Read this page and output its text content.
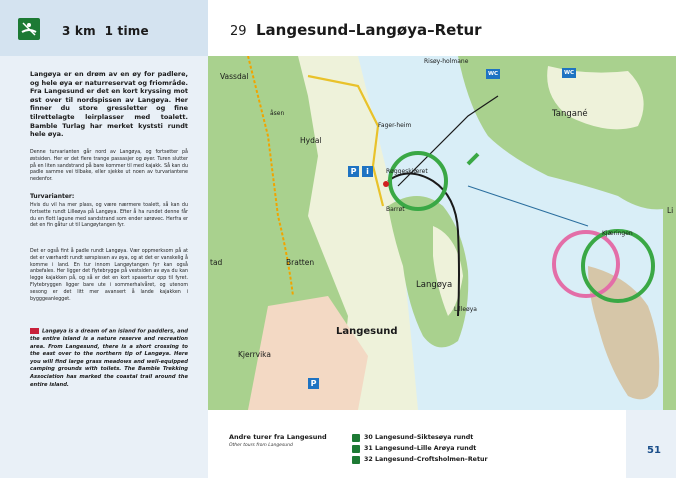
3 km 1 time
Langøya er en drøm av en øy for padlere, og hele øya er naturreservat og friområde. Fra Langesund er det en kort kryssing mot øst over til nordspissen av Langøya. Her finner du store gressletter og fine tilrettelagte leirplasser med toalett. Bamble Turlag har merket kyststi rundt hele øya.
Denne turvarianten går nord av Langøya, og fortsetter på østsiden. Her er det flere trange passasjer og øyer. Turen slutter på en liten sandstrand på bare kommer til med kajakk. Så kan du padle samme vei tilbake, eller sjekke ut noen av turvariantene nedenfor.
Turvarianter:
Hvis du vil ha mer plass, og være nærmere toalett, så kan du fortsette rundt Lilleøya på Langøya. Efter å ha rundet denne får du en flott lagune med sandstrand som ender sørøvec. Herfra er det en fin gåtur ut til Langøytangen fyr.
Det er også fint å padle rundt Langøya. Vær oppmerksom på at det er værhardt rundt sørspissen av øya, og at det er vanskelig å komme i land. En tur innom Langøytangen fyr kan også anbefales. Her ligger det flytebrygge på vestsiden av øya du kan legge kajakken på, og så er det en kort spasertur opp til fyret. Flytebryggen ligger bare ute i sommerhalvåret, og utenom sesong er det litt mer avansert å lande kajakken i bygggeanlegget.
Langøya is a dream of an island for paddlers, and the entire island is a nature reserve and recreation area. From Langesund, there is a short crossing to the east over to the northern tip of Langøya. Here you will find large grass meadows and well-equipped camping grounds with toilets. The Bamble Trekking Association has marked the coastal trail around the entire island.
29 Langesund–Langøya–Retur
Vassdal
åsen
Hydal
Fager-heim
Risøy-holmane
Røggeskjæret
Tangané
Barrøt
tad	Bratten
Langøya
Lilleøya
Kjæringen
Langesund
Kjerrvika
Li
P	i
WC	WC
P
Andre turer fra Langesund
Other tours from Langesund
30 Langesund–Siktesøya rundt
31 Langesund–Lille Arøya rundt
32 Langesund–Croftsholmen–Retur
51
